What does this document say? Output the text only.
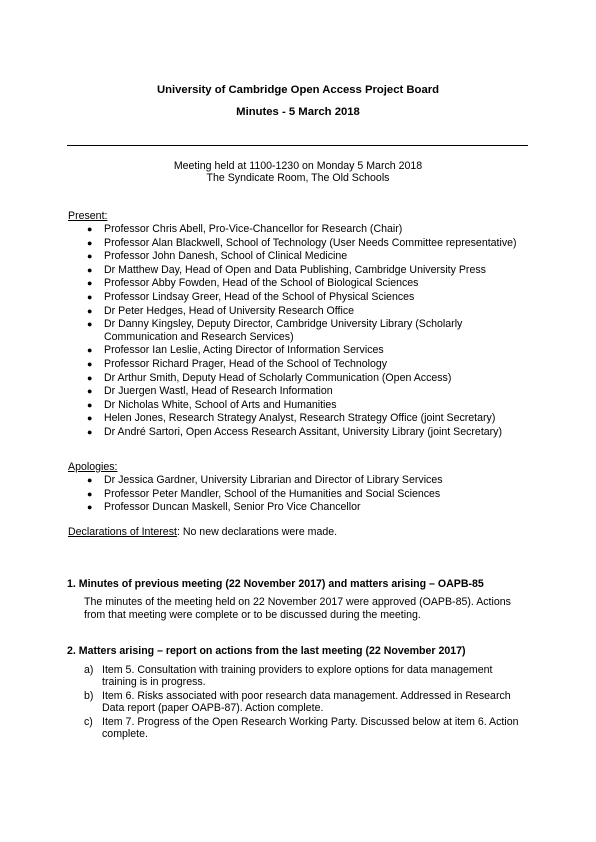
University of Cambridge Open Access Project Board
Minutes - 5 March 2018
Meeting held at 1100-1230 on Monday 5 March 2018
The Syndicate Room, The Old Schools
Present:
● Professor Chris Abell, Pro-Vice-Chancellor for Research (Chair)
● Professor Alan Blackwell, School of Technology (User Needs Committee representative)
● Professor John Danesh, School of Clinical Medicine
● Dr Matthew Day, Head of Open and Data Publishing, Cambridge University Press
● Professor Abby Fowden, Head of the School of Biological Sciences
● Professor Lindsay Greer, Head of the School of Physical Sciences
● Dr Peter Hedges, Head of University Research Office
● Dr Danny Kingsley, Deputy Director, Cambridge University Library (Scholarly Communication and Research Services)
● Professor Ian Leslie, Acting Director of Information Services
● Professor Richard Prager, Head of the School of Technology
● Dr Arthur Smith, Deputy Head of Scholarly Communication (Open Access)
● Dr Juergen Wastl, Head of Research Information
● Dr Nicholas White, School of Arts and Humanities
● Helen Jones, Research Strategy Analyst, Research Strategy Office (joint Secretary)
● Dr André Sartori, Open Access Research Assitant, University Library (joint Secretary)
Apologies:
● Dr Jessica Gardner, University Librarian and Director of Library Services
● Professor Peter Mandler, School of the Humanities and Social Sciences
● Professor Duncan Maskell, Senior Pro Vice Chancellor
Declarations of Interest: No new declarations were made.
1. Minutes of previous meeting (22 November 2017) and matters arising – OAPB-85
The minutes of the meeting held on 22 November 2017 were approved (OAPB-85). Actions from that meeting were complete or to be discussed during the meeting.
2. Matters arising – report on actions from the last meeting (22 November 2017)
a) Item 5. Consultation with training providers to explore options for data management training is in progress.
b) Item 6. Risks associated with poor research data management. Addressed in Research Data report (paper OAPB-87). Action complete.
c) Item 7. Progress of the Open Research Working Party. Discussed below at item 6. Action complete.
